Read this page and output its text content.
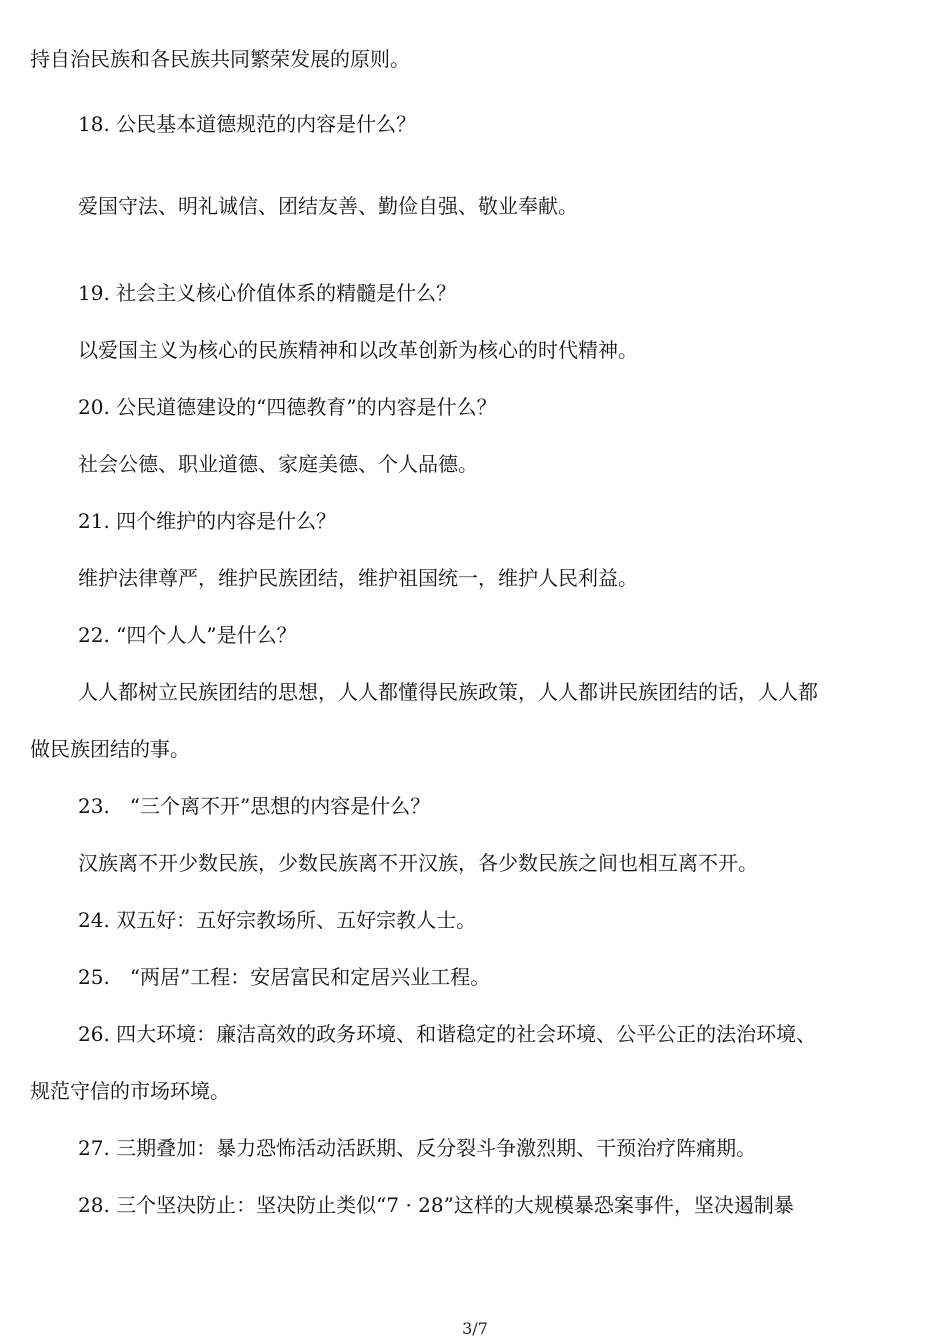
持自治民族和各民族共同繁荣发展的原则。
18. 公民基本道德规范的内容是什么？
爱国守法、明礼诚信、团结友善、勤俭自强、敬业奉献。
19. 社会主义核心价值体系的精髓是什么？
以爱国主义为核心的民族精神和以改革创新为核心的时代精神。
20. 公民道德建设的“四德教育”的内容是什么？
社会公德、职业道德、家庭美德、个人品德。
21. 四个维护的内容是什么？
维护法律尊严，维护民族团结，维护祖国统一，维护人民利益。
22. “四个人人”是什么？
人人都树立民族团结的思想，人人都懂得民族政策，人人都讲民族团结的话，人人都
做民族团结的事。
23.　“三个离不开”思想的内容是什么？
汉族离不开少数民族，少数民族离不开汉族，各少数民族之间也相互离不开。
24. 双五好：五好宗教场所、五好宗教人士。
25.　“两居”工程：安居富民和定居兴业工程。
26. 四大环境：廉洁高效的政务环境、和谐稳定的社会环境、公平公正的法治环境、
规范守信的市场环境。
27. 三期叠加：暴力恐怖活动活跃期、反分裂斗争激烈期、干预治疗阵痛期。
28. 三个坚决防止：坚决防止类似“7 · 28”这样的大规模暴恐案事件，坚决遏制暴
3/7
